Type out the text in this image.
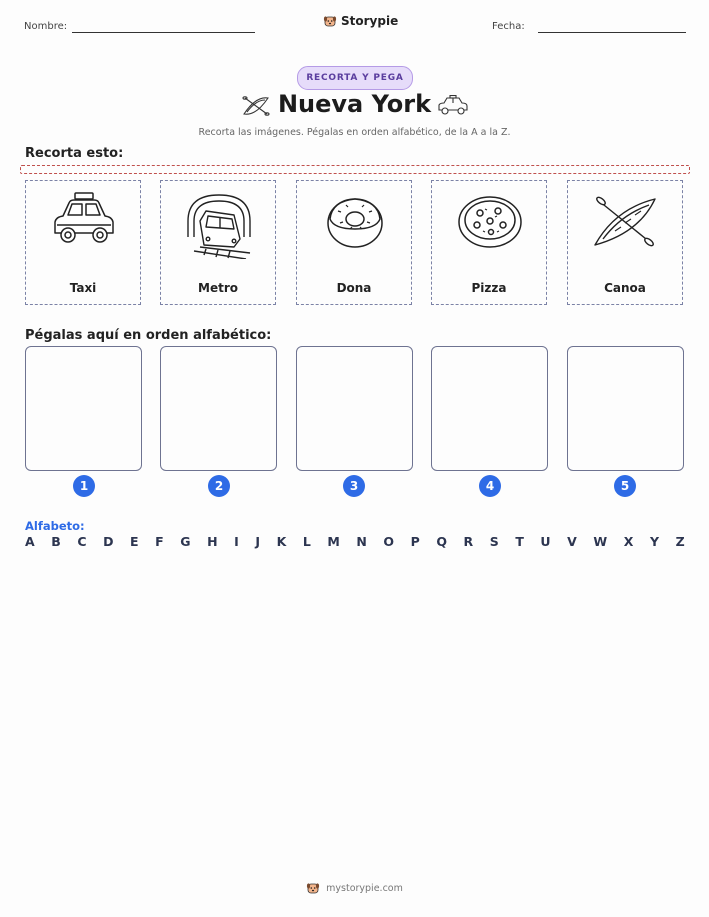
Nombre:	Storypie	Fecha:
RECORTA Y PEGA
Nueva York
Recorta las imágenes. Pégalas en orden alfabético, de la A a la Z.
Recorta esto:
Taxi	Metro	Dona	Pizza	Canoa
Pégalas aquí en orden alfabético:
1	2	3	4	5
Alfabeto:
A B C D E F G H I J K L M N O P Q R S T U V W X Y Z
mystorypie.com
